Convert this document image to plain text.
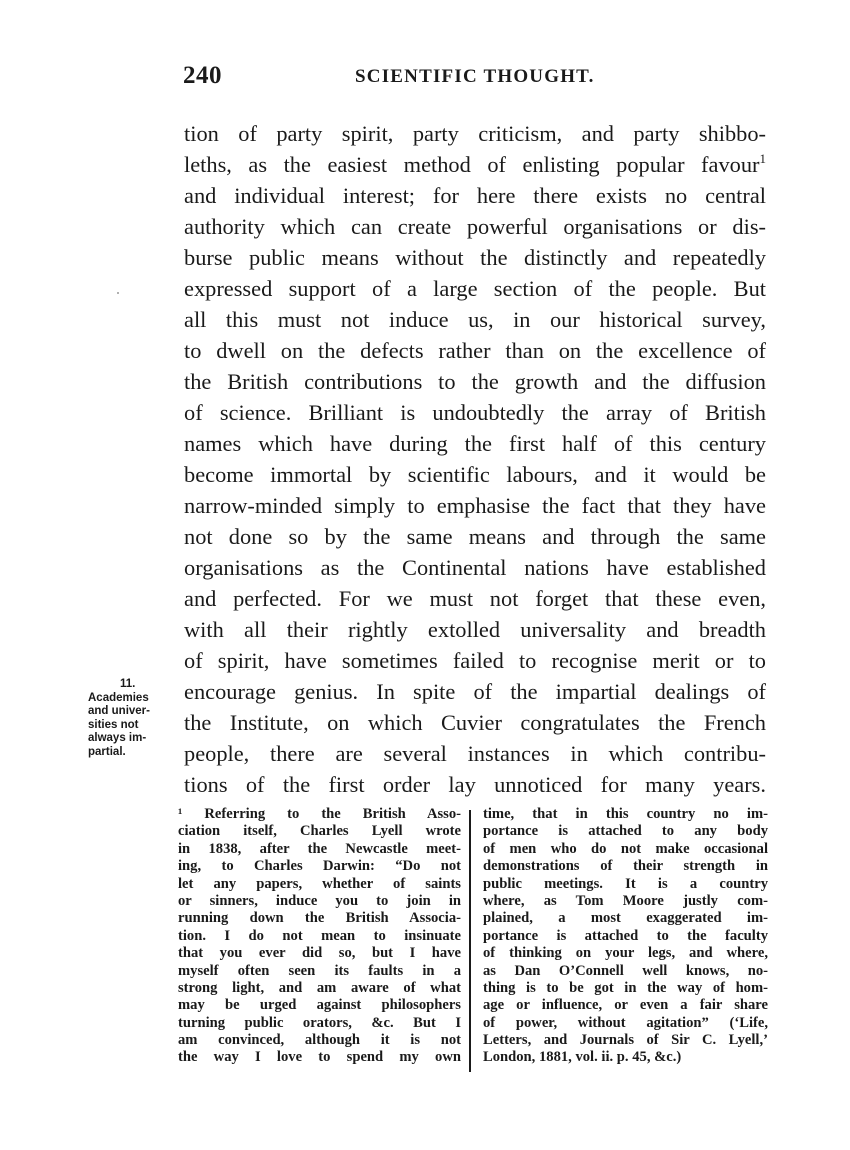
240	SCIENTIFIC THOUGHT.
tion of party spirit, party criticism, and party shibbo-
leths, as the easiest method of enlisting popular favour$^1$
and individual interest; for here there exists no central
authority which can create powerful organisations or dis-
burse public means without the distinctly and repeatedly
expressed support of a large section of the people. But
all this must not induce us, in our historical survey,
to dwell on the defects rather than on the excellence of
the British contributions to the growth and the diffusion
of science. Brilliant is undoubtedly the array of British
names which have during the first half of this century
become immortal by scientific labours, and it would be
narrow-minded simply to emphasise the fact that they have
not done so by the same means and through the same
organisations as the Continental nations have established
and perfected. For we must not forget that these even,
with all their rightly extolled universality and breadth
of spirit, have sometimes failed to recognise merit or to
encourage genius. In spite of the impartial dealings of
the Institute, on which Cuvier congratulates the French
people, there are several instances in which contribu-
tions of the first order lay unnoticed for many years.
11.
Academies
and univer-
sities not
always im-
partial.
¹ Referring to the British Asso-
ciation itself, Charles Lyell wrote
in 1838, after the Newcastle meet-
ing, to Charles Darwin: “Do not
let any papers, whether of saints
or sinners, induce you to join in
running down the British Associa-
tion. I do not mean to insinuate
that you ever did so, but I have
myself often seen its faults in a
strong light, and am aware of what
may be urged against philosophers
turning public orators, &c. But I
am convinced, although it is not
the way I love to spend my own
time, that in this country no im-
portance is attached to any body
of men who do not make occasional
demonstrations of their strength in
public meetings. It is a country
where, as Tom Moore justly com-
plained, a most exaggerated im-
portance is attached to the faculty
of thinking on your legs, and where,
as Dan O’Connell well knows, no-
thing is to be got in the way of hom-
age or influence, or even a fair share
of power, without agitation” (‘Life,
Letters, and Journals of Sir C. Lyell,’
London, 1881, vol. ii. p. 45, &c.)
